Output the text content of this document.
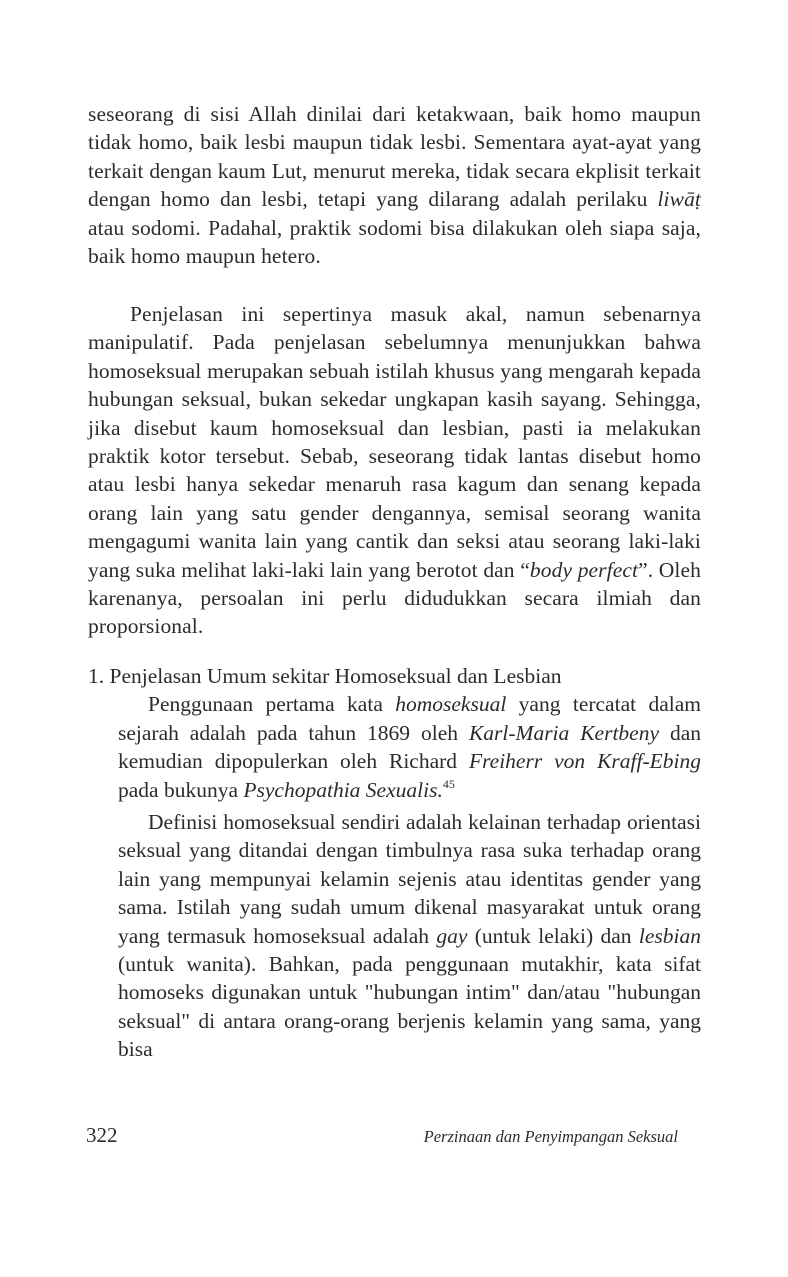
seseorang di sisi Allah dinilai dari ketakwaan, baik homo maupun tidak homo, baik lesbi maupun tidak lesbi. Sementara ayat-ayat yang terkait dengan kaum Lut, menurut mereka, tidak secara ekplisit terkait dengan homo dan lesbi, tetapi yang dilarang adalah perilaku liwāṭ atau sodomi. Padahal, praktik sodomi bisa dilakukan oleh siapa saja, baik homo maupun hetero.

Penjelasan ini sepertinya masuk akal, namun sebenarnya manipulatif. Pada penjelasan sebelumnya menunjukkan bahwa homoseksual merupakan sebuah istilah khusus yang mengarah kepada hubungan seksual, bukan sekedar ungkapan kasih sayang. Sehingga, jika disebut kaum homoseksual dan lesbian, pasti ia melakukan praktik kotor tersebut. Sebab, seseorang tidak lantas disebut homo atau lesbi hanya sekedar menaruh rasa kagum dan senang kepada orang lain yang satu gender dengannya, semisal seorang wanita mengagumi wanita lain yang cantik dan seksi atau seorang laki-laki yang suka melihat laki-laki lain yang berotot dan “body perfect”. Oleh karenanya, persoalan ini perlu didudukkan secara ilmiah dan proporsional.

1. Penjelasan Umum sekitar Homoseksual dan Lesbian

Penggunaan pertama kata homoseksual yang tercatat dalam sejarah adalah pada tahun 1869 oleh Karl-Maria Kertbeny dan kemudian dipopulerkan oleh Richard Freiherr von Kraff-Ebing pada bukunya Psychopathia Sexualis.$^{45}$

Definisi homoseksual sendiri adalah kelainan terhadap orientasi seksual yang ditandai dengan timbulnya rasa suka terhadap orang lain yang mempunyai kelamin sejenis atau identitas gender yang sama. Istilah yang sudah umum dikenal masyarakat untuk orang yang termasuk homoseksual adalah gay (untuk lelaki) dan lesbian (untuk wanita). Bahkan, pada penggunaan mutakhir, kata sifat homoseks digunakan untuk "hubungan intim" dan/atau "hubungan seksual" di antara orang-orang berjenis kelamin yang sama, yang bisa

322	Perzinaan dan Penyimpangan Seksual
